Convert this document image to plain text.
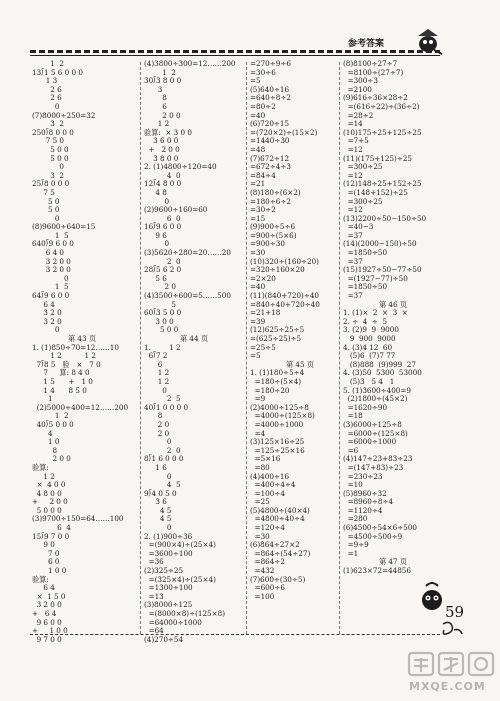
参考答案
1  2
13⟌1 5 6 0 0 0
1 3
2 6
2 6
0
(7)8000÷250=32
3  2
250⟌8 0 0 0
7 5 0
5 0 0
5 0 0
0
3  2
25⟌8 0 0 0
7 5
5 0
5 0
0
(8)9600÷640=15
1  5
640⟌9 6 0 0
6 4 0
3 2 0 0
3 2 0 0
0
1  5
64⟌9 6 0 0
6 4
3 2 0
3 2 0
0
第 43 页
1. (1)850÷70=12……10
1 2          1 2
7⟌8 5   验   ×   7 0
7     算: 8 4 0
1 5      +   1 0
1 4      8 5 0
1
(2)5000÷400=12……200
1  2
40⟌5 0 0 0
4
1 0
8
2 0 0
验算:
1 2
×  4 0 0
4 8 0 0
+     2 0 0
5 0 0 0
(3)9700÷150=64……100
6  4
15⟌9 7 0 0
9 0
7 0
6 0
1 0 0
验算:
6 4
×  1 5 0
3 2 0 0
+   6 4
9 6 0 0
+     1 0 0
9 7 0 0
(4)3800÷300=12……200
1  2
30⟌3 8 0 0
3
8
6
2 0 0
1 2
验算:  × 3 0 0
3 6 0 0
+   2 0 0
3 8 0 0
2. (1)4800÷120=40
4  0
12⟌4 8 0 0
4 8
0
(2)9600÷160=60
6  0
16⟌9 6 0 0
9 6
0
(3)5620÷280=20……20
2  0
28⟌5 6 2 0
5 6
2 0
(4)3500÷600=5……500
5
60⟌3 5 0 0
3 0 0
5 0 0
第 44 页
1.        1 2
6⟌7 2
6
1 2
1 2
0
2  5
40⟌1 0 0 0 0
8
2 0
2 0
0
2  0
8⟌1 6 0 0 0
1 6
0
4  5
9⟌4 0 5 0
3 6
4 5
4 5
0
2. (1)900÷36
=(900×4)÷(25×4)
=3600÷100
=36
(2)325÷25
=(325×4)÷(25×4)
=1300÷100
=13
(3)8000÷125
=(8000×8)÷(125×8)
=64000÷1000
=64
(4)270÷54
=270÷9÷6
=30÷6
=5
(5)640÷16
=640÷8÷2
=80÷2
=40
(6)720÷15
=(720×2)÷(15×2)
=1440÷30
=48
(7)672÷12
=672÷4÷3
=84÷4
=21
(8)180÷(6×2)
=180÷6÷2
=30÷2
=15
(9)900÷5÷6
=900÷(5×6)
=900÷30
=30
(10)320÷(160÷20)
=320÷160×20
=2×20
=40
(11)(840+720)÷40
=840÷40+720÷40
=21+18
=39
(12)625÷25÷5
=(625÷25)÷5
=25÷5
=5
第 45 页
1. (1)180÷5÷4
=180÷(5×4)
=180÷20
=9
(2)4000÷125÷8
=4000÷(125×8)
=4000÷1000
=4
(3)125×16÷25
=125÷25×16
=5×16
=80
(4)400÷16
=400÷4÷4
=100÷4
=25
(5)4800÷(40×4)
=4800÷40÷4
=120÷4
=30
(6)864÷27×2
=864÷(54÷27)
=864÷2
=432
(7)600÷(30÷5)
=600÷6
=100
(8)8100÷27÷7
=8100÷(27÷7)
=300÷3
=2100
(9)616÷36×28÷2
=(616÷22)÷(36÷2)
=28÷2
=14
(10)175÷25+125÷25
=7+5
=12
(11)(175+125)÷25
=300÷25
=12
(12)148÷25+152÷25
=(148+152)÷25
=300÷25
=12
(13)2200÷50−150÷50
=40−3
=37
(14)(2000−150)÷50
=1850÷50
=37
(15)1927÷50−77÷50
=(1927−77)÷50
=1850÷50
=37
第 46 页
1. (1)×  2  ×  3  ×
2. ÷  4  ÷  5
3. (2)9  9  9000
9  900  9000
4. (3)4 12  60
(5)6  (7)7 77
(8)888  (9)999  27
4. (3)50  5300  53000
(5)3   5 4   1
5. (1)3600÷400=9
(2)1800÷(45×2)
=1620÷90
=18
(3)6000÷125÷8
=6000÷(125×8)
=6000÷1000
=6
(4)147÷23+83÷23
=(147+83)÷23
=230÷23
=10
(5)8960÷32
=8960÷8÷4
=1120÷4
=280
(6)4500÷54×6÷500
=4500÷500÷9
=9÷9
=1
第 47 页
(1)623×72=44856
59
MXQE.COM
